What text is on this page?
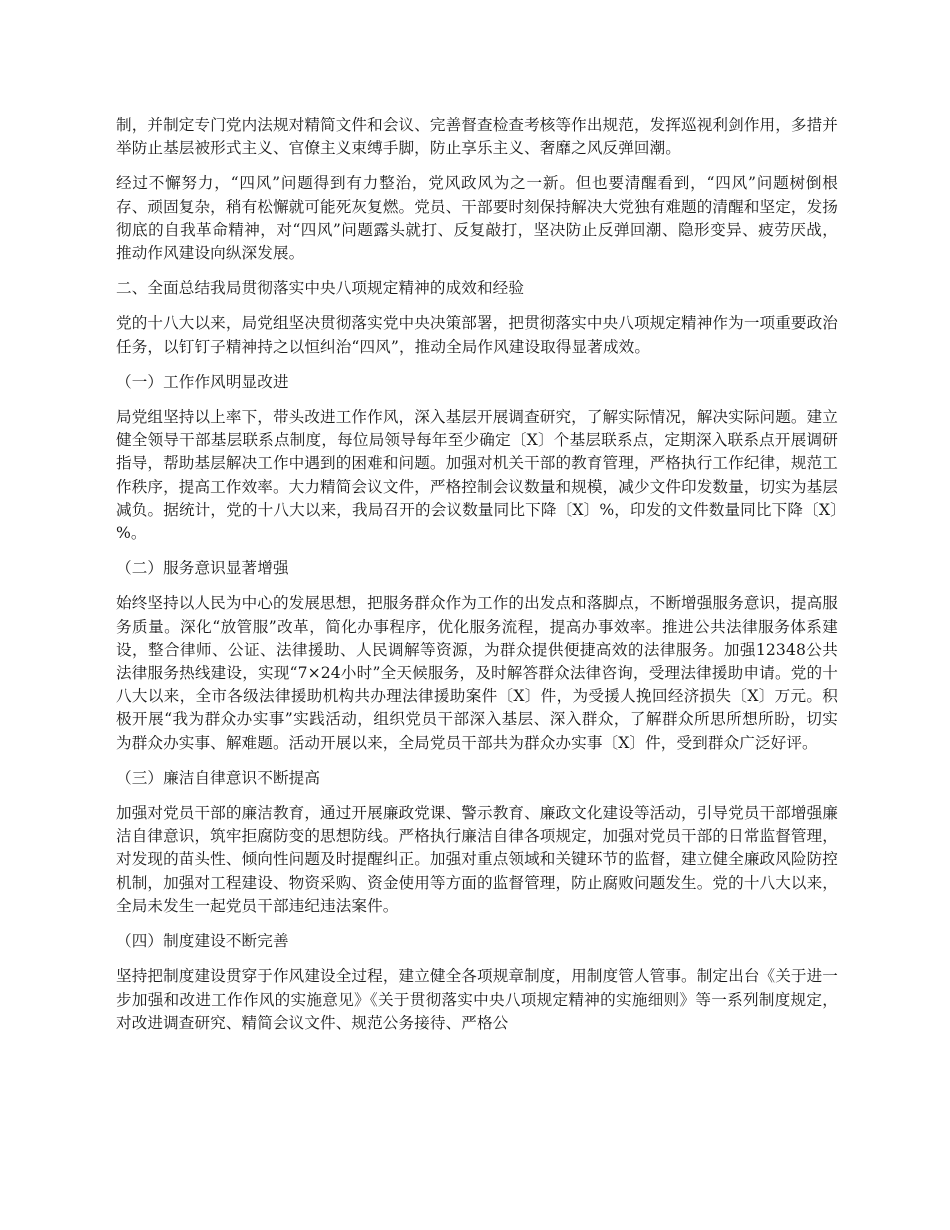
制，并制定专门党内法规对精简文件和会议、完善督查检查考核等作出规范，发挥巡视利剑作用，多措并举防止基层被形式主义、官僚主义束缚手脚，防止享乐主义、奢靡之风反弹回潮。

经过不懈努力，“四风”问题得到有力整治，党风政风为之一新。但也要清醒看到，“四风”问题树倒根存、顽固复杂，稍有松懈就可能死灰复燃。党员、干部要时刻保持解决大党独有难题的清醒和坚定，发扬彻底的自我革命精神，对“四风”问题露头就打、反复敲打，坚决防止反弹回潮、隐形变异、疲劳厌战，推动作风建设向纵深发展。

二、全面总结我局贯彻落实中央八项规定精神的成效和经验

党的十八大以来，局党组坚决贯彻落实党中央决策部署，把贯彻落实中央八项规定精神作为一项重要政治任务，以钉钉子精神持之以恒纠治“四风”，推动全局作风建设取得显著成效。

（一）工作作风明显改进

局党组坚持以上率下，带头改进工作作风，深入基层开展调查研究，了解实际情况，解决实际问题。建立健全领导干部基层联系点制度，每位局领导每年至少确定〔X〕个基层联系点，定期深入联系点开展调研指导，帮助基层解决工作中遇到的困难和问题。加强对机关干部的教育管理，严格执行工作纪律，规范工作秩序，提高工作效率。大力精简会议文件，严格控制会议数量和规模，减少文件印发数量，切实为基层减负。据统计，党的十八大以来，我局召开的会议数量同比下降〔X〕%，印发的文件数量同比下降〔X〕%。

（二）服务意识显著增强

始终坚持以人民为中心的发展思想，把服务群众作为工作的出发点和落脚点，不断增强服务意识，提高服务质量。深化“放管服”改革，简化办事程序，优化服务流程，提高办事效率。推进公共法律服务体系建设，整合律师、公证、法律援助、人民调解等资源，为群众提供便捷高效的法律服务。加强12348公共法律服务热线建设，实现“7×24小时”全天候服务，及时解答群众法律咨询，受理法律援助申请。党的十八大以来，全市各级法律援助机构共办理法律援助案件〔X〕件，为受援人挽回经济损失〔X〕万元。积极开展“我为群众办实事”实践活动，组织党员干部深入基层、深入群众，了解群众所思所想所盼，切实为群众办实事、解难题。活动开展以来，全局党员干部共为群众办实事〔X〕件，受到群众广泛好评。

（三）廉洁自律意识不断提高

加强对党员干部的廉洁教育，通过开展廉政党课、警示教育、廉政文化建设等活动，引导党员干部增强廉洁自律意识，筑牢拒腐防变的思想防线。严格执行廉洁自律各项规定，加强对党员干部的日常监督管理，对发现的苗头性、倾向性问题及时提醒纠正。加强对重点领域和关键环节的监督，建立健全廉政风险防控机制，加强对工程建设、物资采购、资金使用等方面的监督管理，防止腐败问题发生。党的十八大以来，全局未发生一起党员干部违纪违法案件。

（四）制度建设不断完善

坚持把制度建设贯穿于作风建设全过程，建立健全各项规章制度，用制度管人管事。制定出台《关于进一步加强和改进工作作风的实施意见》《关于贯彻落实中央八项规定精神的实施细则》等一系列制度规定，对改进调查研究、精简会议文件、规范公务接待、严格公
